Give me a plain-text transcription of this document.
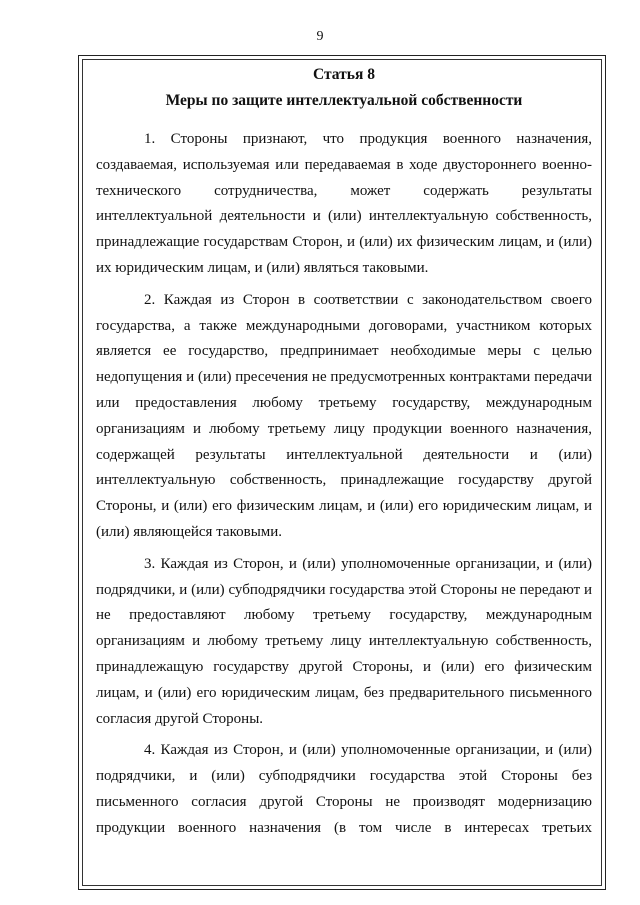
9

Статья 8

Меры по защите интеллектуальной собственности

1. Стороны признают, что продукция военного назначения, создаваемая, используемая или передаваемая в ходе двустороннего военно-технического сотрудничества, может содержать результаты интеллектуальной деятельности и (или) интеллектуальную собственность, принадлежащие государствам Сторон, и (или) их физическим лицам, и (или) их юридическим лицам, и (или) являться таковыми.

2. Каждая из Сторон в соответствии с законодательством своего государства, а также международными договорами, участником которых является ее государство, предпринимает необходимые меры с целью недопущения и (или) пресечения не предусмотренных контрактами передачи или предоставления любому третьему государству, международным организациям и любому третьему лицу продукции военного назначения, содержащей результаты интеллектуальной деятельности и (или) интеллектуальную собственность, принадлежащие государству другой Стороны, и (или) его физическим лицам, и (или) его юридическим лицам, и (или) являющейся таковыми.

3. Каждая из Сторон, и (или) уполномоченные организации, и (или) подрядчики, и (или) субподрядчики государства этой Стороны не передают и не предоставляют любому третьему государству, международным организациям и любому третьему лицу интеллектуальную собственность, принадлежащую государству другой Стороны, и (или) его физическим лицам, и (или) его юридическим лицам, без предварительного письменного согласия другой Стороны.

4. Каждая из Сторон, и (или) уполномоченные организации, и (или) подрядчики, и (или) субподрядчики государства этой Стороны без письменного согласия другой Стороны не производят модернизацию продукции военного назначения (в том числе в интересах третьих
